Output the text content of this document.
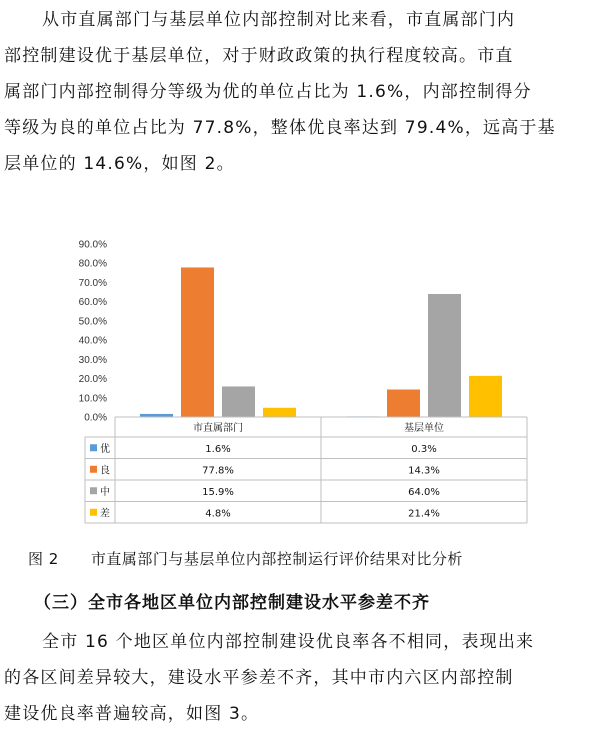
从市直属部门与基层单位内部控制对比来看，市直属部门内

部控制建设优于基层单位，对于财政政策的执行程度较高。市直

属部门内部控制得分等级为优的单位占比为 1.6%，内部控制得分

等级为良的单位占比为 77.8%，整体优良率达到 79.4%，远高于基

层单位的 14.6%，如图 2。

0.0%
10.0%
20.0%
30.0%
40.0%
50.0%
60.0%
70.0%
80.0%
90.0%
市直属部门	基层单位
优	1.6%	0.3%
良	77.8%	14.3%
中	15.9%	64.0%
差	4.8%	21.4%
图 2 市直属部门与基层单位内部控制运行评价结果对比分析
（三）全市各地区单位内部控制建设水平参差不齐

全市 16 个地区单位内部控制建设优良率各不相同，表现出来

的各区间差异较大，建设水平参差不齐，其中市内六区内部控制

建设优良率普遍较高，如图 3。
